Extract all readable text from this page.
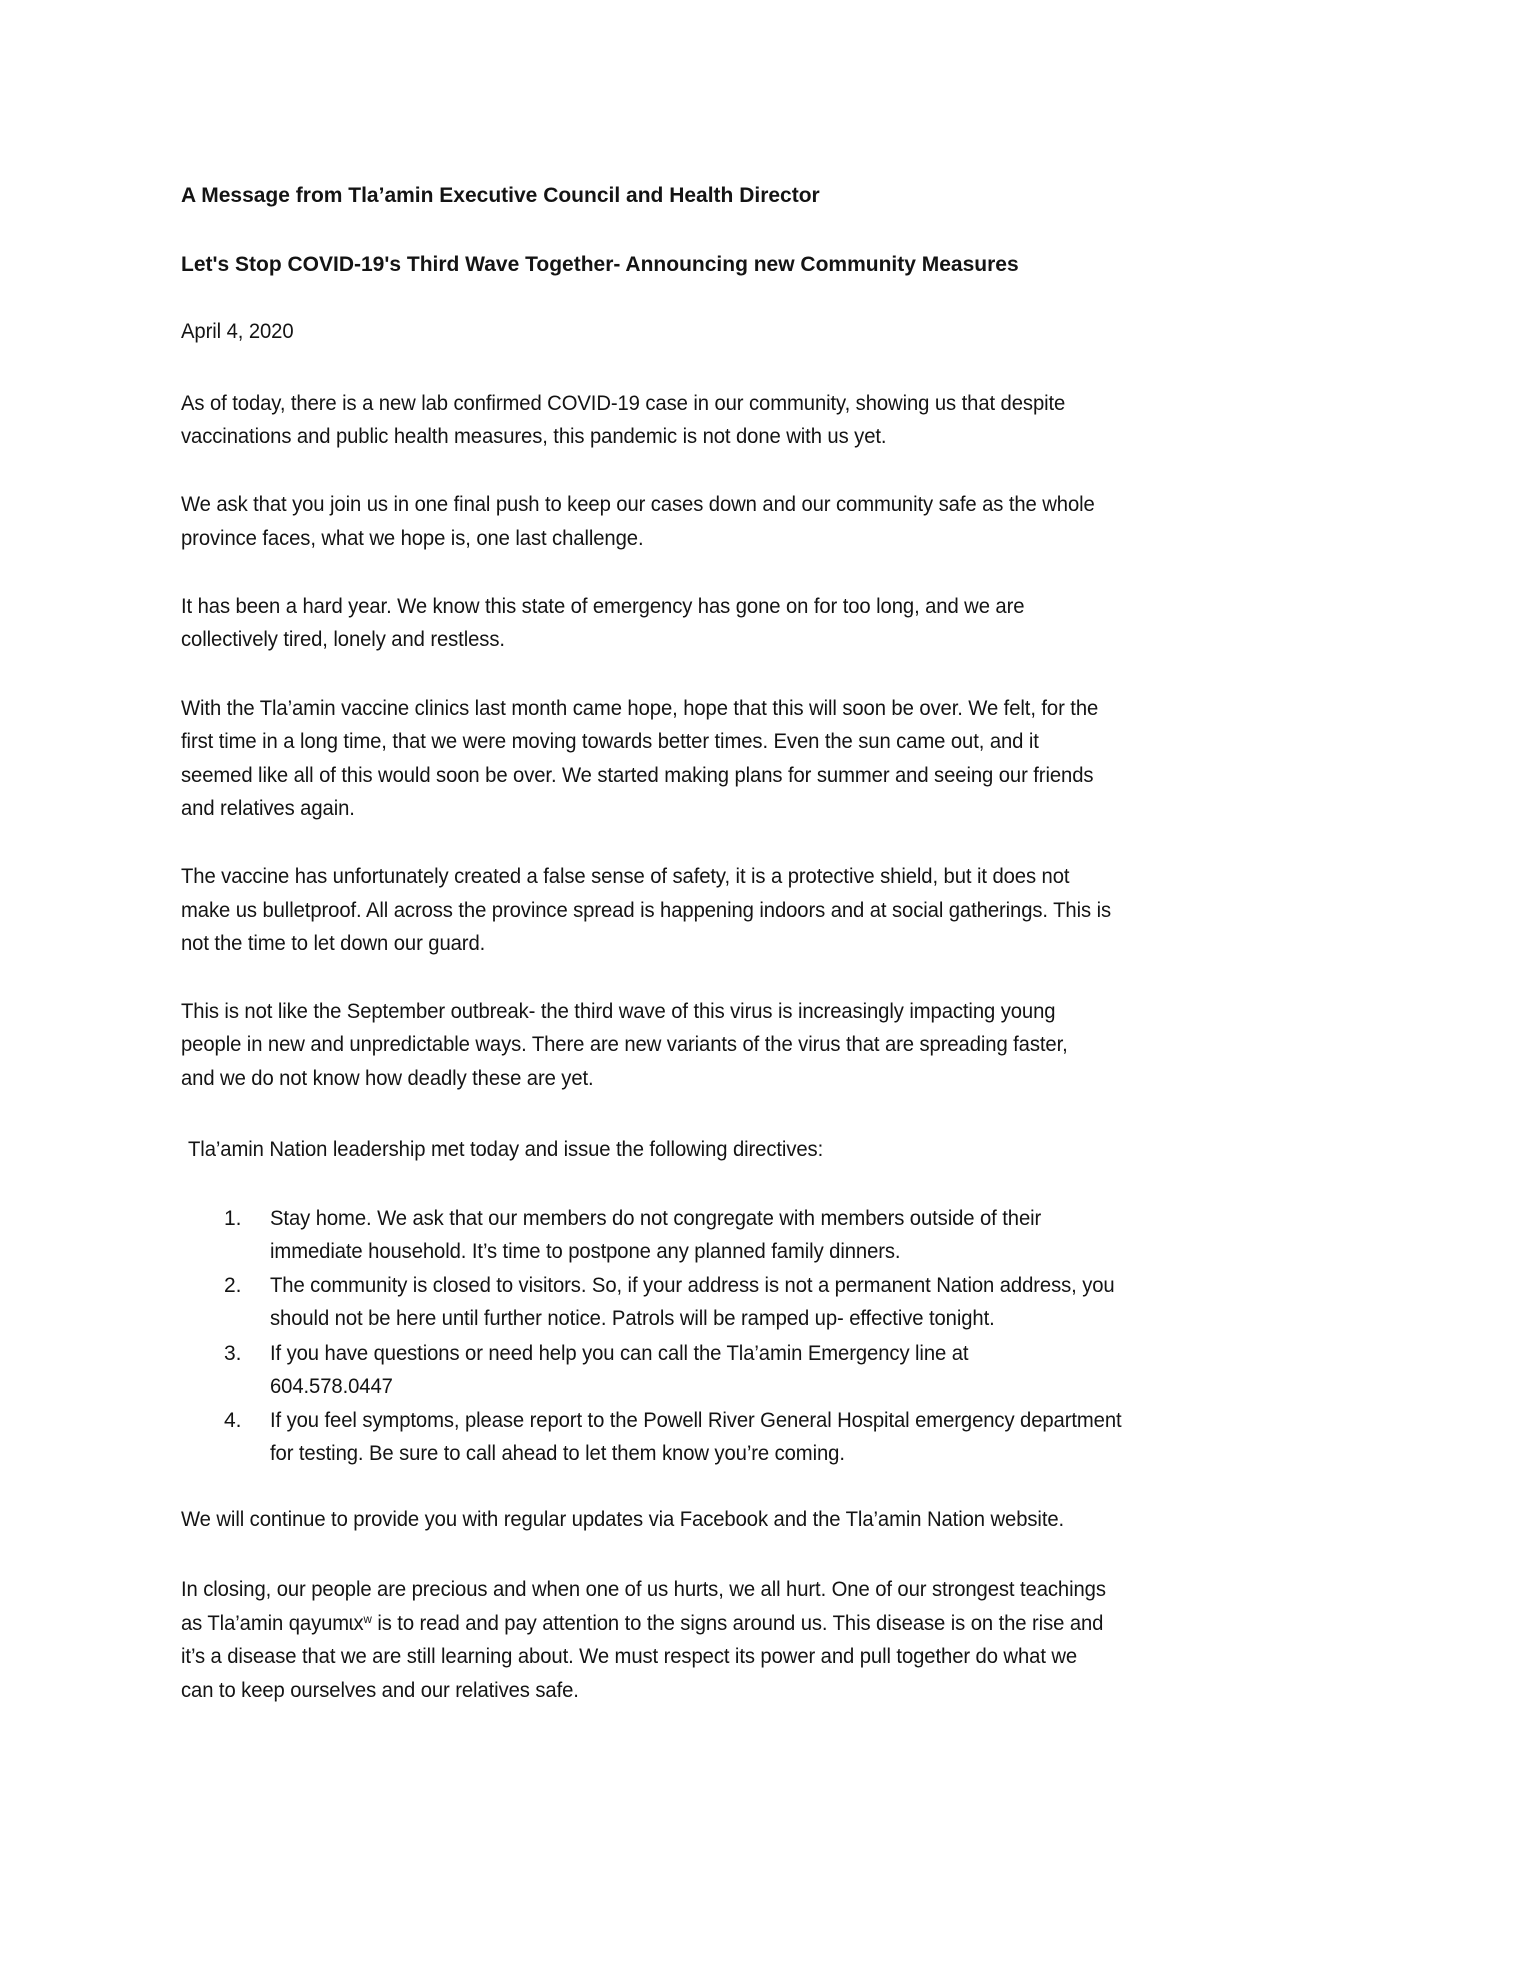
A Message from Tla’amin Executive Council and Health Director
Let's Stop COVID-19's Third Wave Together- Announcing new Community Measures
April 4, 2020
As of today, there is a new lab confirmed COVID-19 case in our community, showing us that despite
vaccinations and public health measures, this pandemic is not done with us yet.
We ask that you join us in one final push to keep our cases down and our community safe as the whole
province faces, what we hope is, one last challenge.
It has been a hard year. We know this state of emergency has gone on for too long, and we are
collectively tired, lonely and restless.
With the Tla’amin vaccine clinics last month came hope, hope that this will soon be over. We felt, for the
first time in a long time, that we were moving towards better times. Even the sun came out, and it
seemed like all of this would soon be over. We started making plans for summer and seeing our friends
and relatives again.
The vaccine has unfortunately created a false sense of safety, it is a protective shield, but it does not
make us bulletproof. All across the province spread is happening indoors and at social gatherings. This is
not the time to let down our guard.
This is not like the September outbreak- the third wave of this virus is increasingly impacting young
people in new and unpredictable ways. There are new variants of the virus that are spreading faster,
and we do not know how deadly these are yet.
Tla’amin Nation leadership met today and issue the following directives:
1. Stay home. We ask that our members do not congregate with members outside of their
immediate household. It’s time to postpone any planned family dinners.
2. The community is closed to visitors. So, if your address is not a permanent Nation address, you
should not be here until further notice. Patrols will be ramped up- effective tonight.
3. If you have questions or need help you can call the Tla’amin Emergency line at
604.578.0447
4. If you feel symptoms, please report to the Powell River General Hospital emergency department
for testing. Be sure to call ahead to let them know you’re coming.
We will continue to provide you with regular updates via Facebook and the Tla’amin Nation website.
In closing, our people are precious and when one of us hurts, we all hurt. One of our strongest teachings
as Tla’amin qayumɩx$^w$ is to read and pay attention to the signs around us. This disease is on the rise and
it’s a disease that we are still learning about. We must respect its power and pull together do what we
can to keep ourselves and our relatives safe.
